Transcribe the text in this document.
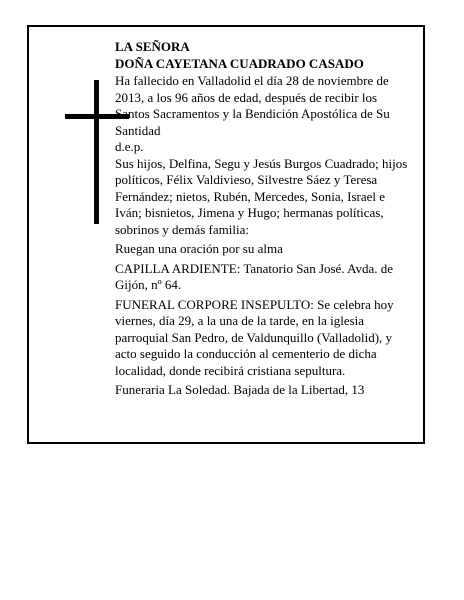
LA SEÑORA

DOÑA CAYETANA CUADRADO CASADO

Ha fallecido en Valladolid el día 28 de noviembre de 2013, a los 96 años de edad, después de recibir los Santos Sacramentos y la Bendición Apostólica de Su Santidad

d.e.p.

Sus hijos, Delfina, Segu y Jesús Burgos Cuadrado; hijos políticos, Félix Valdivieso, Silvestre Sáez y Teresa Fernández; nietos, Rubén, Mercedes, Sonia, Israel e Iván; bisnietos, Jimena y Hugo; hermanas políticas, sobrinos y demás familia:

Ruegan una oración por su alma

CAPILLA ARDIENTE: Tanatorio San José. Avda. de Gijón, nº 64.

FUNERAL CORPORE INSEPULTO: Se celebra hoy viernes, día 29, a la una de la tarde, en la iglesia parroquial San Pedro, de Valdunquillo (Valladolid), y acto seguido la conducción al cementerio de dicha localidad, donde recibirá cristiana sepultura.

Funeraria La Soledad. Bajada de la Libertad, 13
